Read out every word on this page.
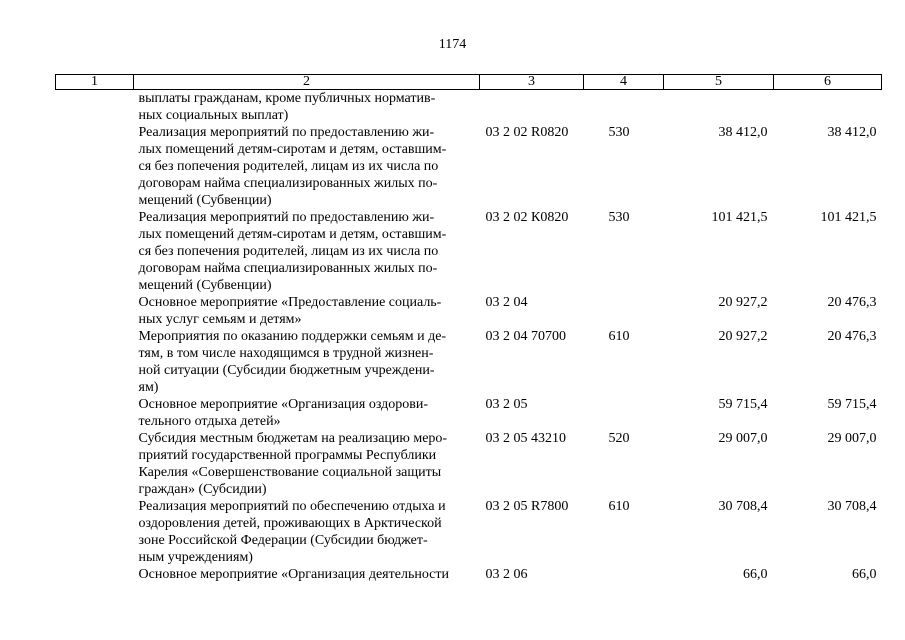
1174
1	2	3	4	5	6

	выплаты гражданам, кроме публичных норматив-
ных социальных выплат)				

	Реализация мероприятий по предоставлению жи-
лых помещений детям-сиротам и детям, оставшим-
ся без попечения родителей, лицам из их числа по
договорам найма специализированных жилых по-
мещений (Субвенции)	03 2 02 R0820	530	38 412,0	38 412,0

	Реализация мероприятий по предоставлению жи-
лых помещений детям-сиротам и детям, оставшим-
ся без попечения родителей, лицам из их числа по
договорам найма специализированных жилых по-
мещений (Субвенции)	03 2 02 К0820	530	101 421,5	101 421,5

	Основное мероприятие «Предоставление социаль-
ных услуг семьям и детям»	03 2 04		20 927,2	20 476,3

	Мероприятия по оказанию поддержки семьям и де-
тям, в том числе находящимся в трудной жизнен-
ной ситуации (Субсидии бюджетным учреждени-
ям)	03 2 04 70700	610	20 927,2	20 476,3

	Основное мероприятие «Организация оздорови-
тельного отдыха детей»	03 2 05		59 715,4	59 715,4

	Субсидия местным бюджетам на реализацию меро-
приятий государственной программы Республики
Карелия «Совершенствование социальной защиты
граждан» (Субсидии)	03 2 05 43210	520	29 007,0	29 007,0

	Реализация мероприятий по обеспечению отдыха и
оздоровления детей, проживающих в Арктической
зоне Российской Федерации (Субсидии бюджет-
ным учреждениям)	03 2 05 R7800	610	30 708,4	30 708,4

	Основное мероприятие «Организация деятельности	03 2 06		66,0	66,0
